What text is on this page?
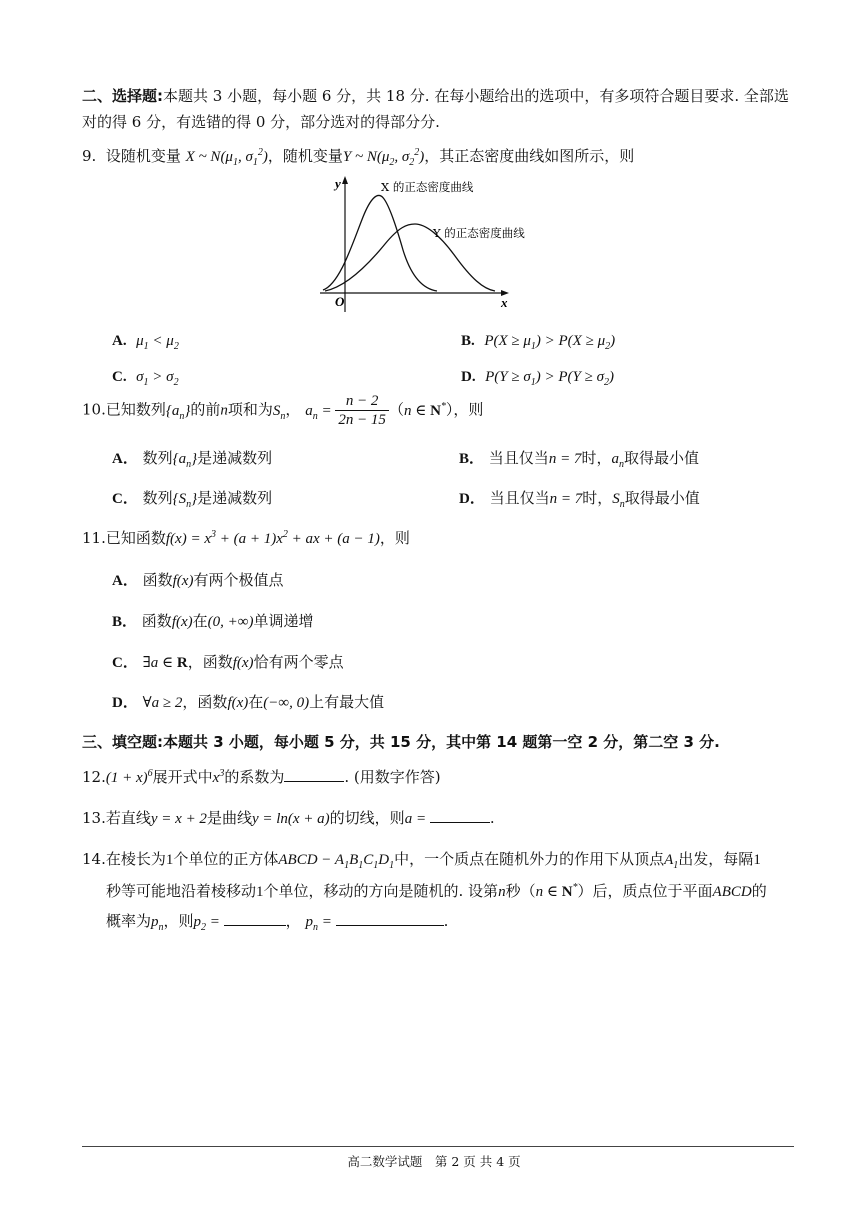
二、选择题:本题共 3 小题，每小题 6 分，共 18 分. 在每小题给出的选项中，有多项符合题目要求. 全部选
对的得 6 分，有选错的得 0 分，部分选对的得部分分.
9. 设随机变量 X ~ $N(\mu_1$, $\sigma_1^2$)，随机变量Y ~ $N(\mu_2$, $\sigma_2^2$)，其正态密度曲线如图所示，则
y
x
O
X 的正态密度曲线
Y 的正态密度曲线
A. $\mu_1 < \mu_2$	B. $P(X \ge \mu_1) > P(X \ge \mu_2)$
C. $\sigma_1 > \sigma_2$	D. $P(Y \ge \sigma_1) > P(Y \ge \sigma_2)$
10.已知数列$\{a_n\}$的前n项和为$S_n$， $a_n = \frac{n - 2}{2n - 15} (n$ ∈ N*），则
A． 数列$\{a_n\}$是递减数列	B． 当且仅当n = 7时，$a_n$取得最小值
C． 数列$\{S_n\}$是递减数列	D． 当且仅当n = 7时，$S_n$取得最小值
11.已知函数$f(x) = x^3 + (a + 1)x^2$ + ax + (a − 1)，则
A． 函数f(x)有两个极值点
B． 函数f(x)在(0, +∞)单调递增
C． ∃a ∈ R，函数f(x)恰有两个零点
D． ∀a ≥ 2，函数f(x)在(−∞, 0)上有最大值
三、填空题:本题共 3 小题，每小题 5 分，共 15 分，其中第 14 题第一空 2 分，第二空 3 分.
$12.(1 + x)^6$展开式中$x^3$的系数为	. (用数字作答)
13.若直线y = x + 2是曲线y = ln(x + a)的切线，则a =	.
14.在棱长为1个单位的正方体ABCD − $A_1B_1C_1D_1$中，一个质点在随机外力的作用下从顶点$A_1$出发，每隔1
秒等可能地沿着棱移动1个单位，移动的方向是随机的. 设第n秒（n ∈ N*）后，质点位于平面ABCD的
概率为$p_n$，则$p_2$ =	， $p_n$ =	.
高二数学试题　第 2 页 共 4 页
